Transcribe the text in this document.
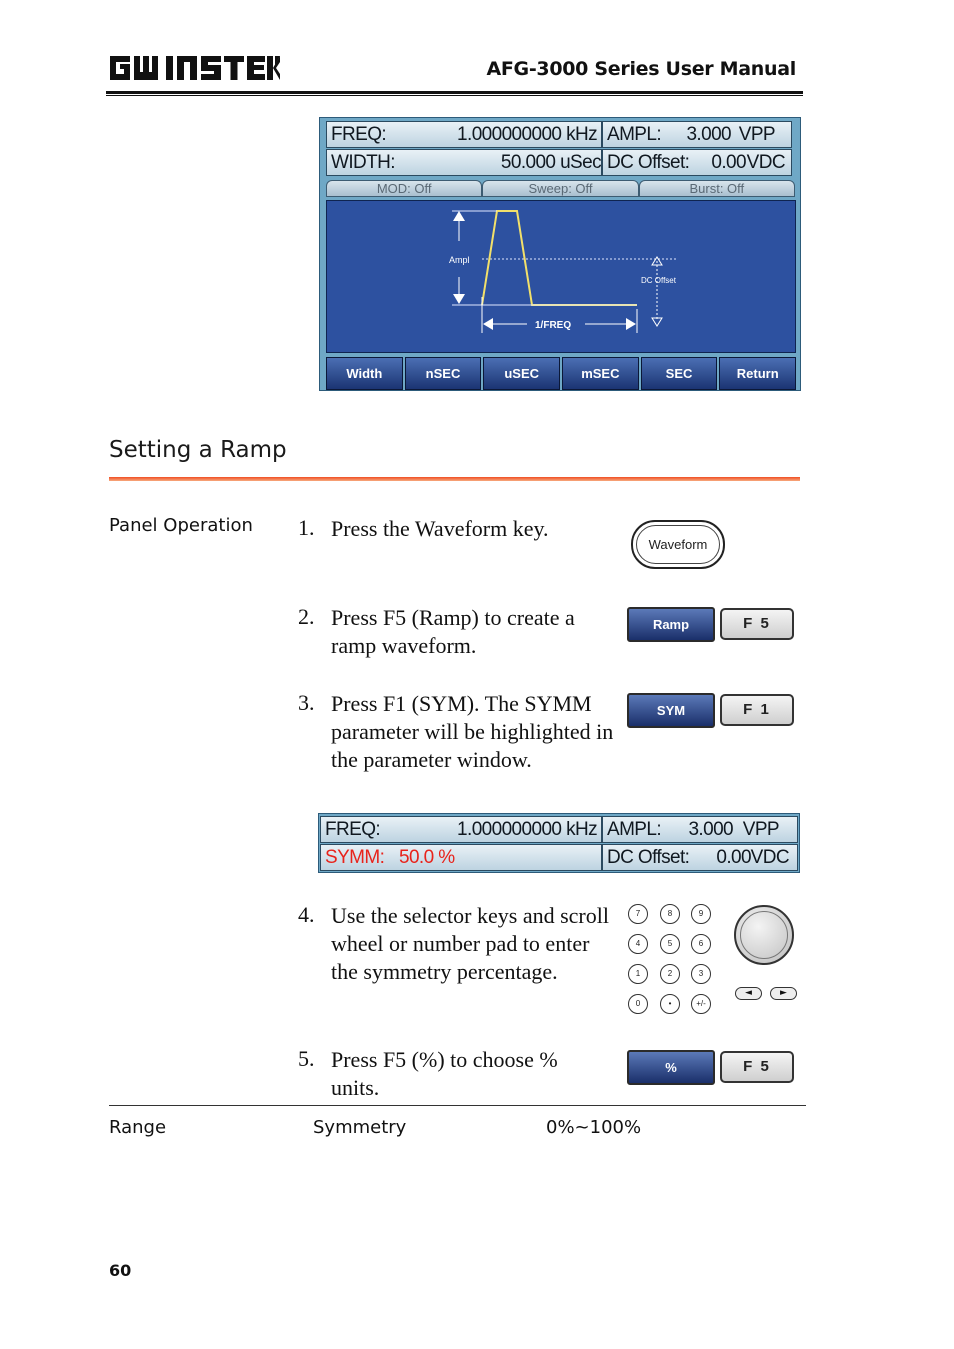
AFG-3000 Series User Manual
FREQ:	1.000000000 kHz AMPL: 3.000 VPP
WIDTH:	50.000 uSec DC Offset: 0.00 VDC
MOD: Off	Sweep: Off	Burst: Off
Ampl
DC Offset
1/FREQ
Width	nSEC	uSEC	mSEC	SEC	Return
Setting a Ramp
Panel Operation 1. Press the Waveform key.
Waveform
2. Press F5 (Ramp) to create a ramp waveform.
Ramp	F 5
3. Press F1 (SYM). The SYMM parameter will be highlighted in the parameter window.
SYM	F 1
FREQ:	1.000000000 kHz AMPL: 3.000 VPP
SYMM: 50.0 %	DC Offset: 0.00 VDC
4. Use the selector keys and scroll wheel or number pad to enter the symmetry percentage.
7	8	9
4	5	6
1	2	3
0	•	+/-
◄	►
5. Press F5 (%) to choose % units.
%	F 5
Range	Symmetry	0%~100%
60
